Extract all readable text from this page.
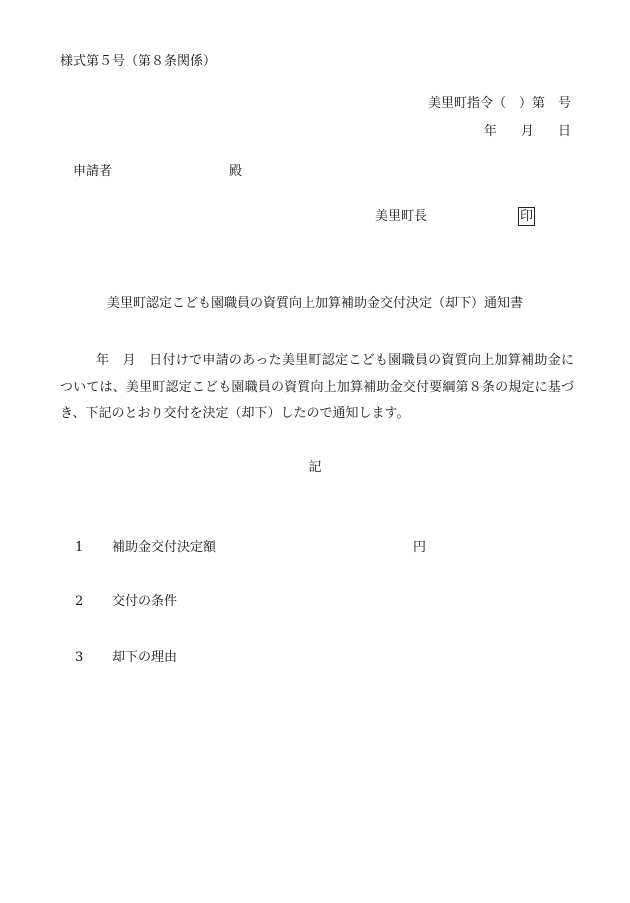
様式第５号（第８条関係）
美里町指令（　）第　号
年 月 日
申請者	殿
美里町長	印
美里町認定こども園職員の資質向上加算補助金交付決定（却下）通知書
年　月　日付けで申請のあった美里町認定こども園職員の資質向上加算補助金については、美里町認定こども園職員の資質向上加算補助金交付要綱第８条の規定に基づき、下記のとおり交付を決定（却下）したので通知します。
記
1 補助金交付決定額	円
2 交付の条件
3 却下の理由
